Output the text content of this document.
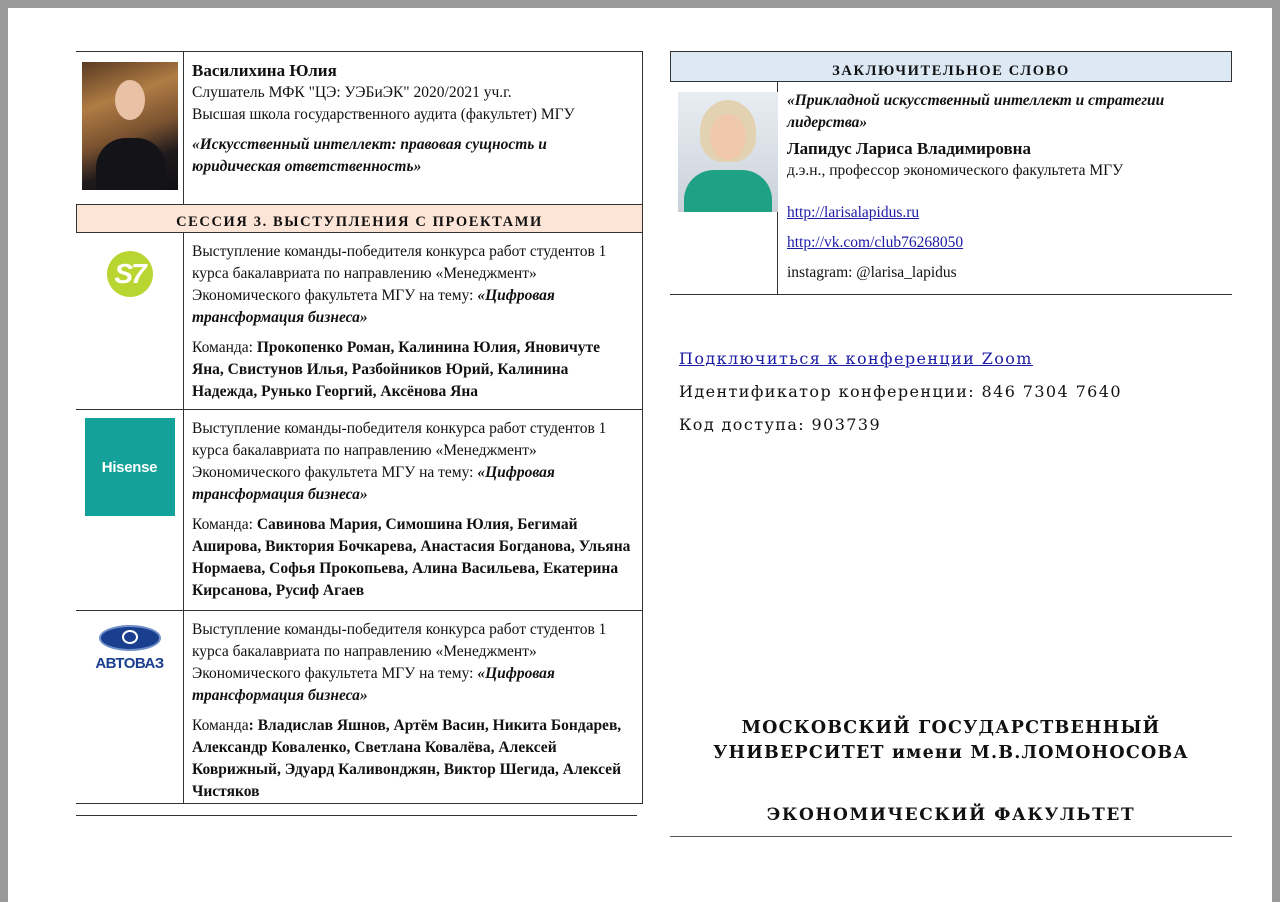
Василихина Юлия
Слушатель МФК "ЦЭ: УЭБиЭК" 2020/2021 уч.г.
Высшая школа государственного аудита (факультет) МГУ
«Искусственный интеллект: правовая сущность и юридическая ответственность»
СЕССИЯ 3. ВЫСТУПЛЕНИЯ С ПРОЕКТАМИ
S7

Выступление команды-победителя конкурса работ студентов 1 курса бакалавриата по направлению «Менеджмент» Экономического факультета МГУ на тему: «Цифровая трансформация бизнеса»

Команда: Прокопенко Роман, Калинина Юлия, Яновичуте Яна, Свистунов Илья, Разбойников Юрий, Калинина Надежда, Рунько Георгий, Аксёнова Яна

Hisense

Выступление команды-победителя конкурса работ студентов 1 курса бакалавриата по направлению «Менеджмент» Экономического факультета МГУ на тему: «Цифровая трансформация бизнеса»

Команда: Савинова Мария, Симошина Юлия, Бегимай Аширова, Виктория Бочкарева, Анастасия Богданова, Ульяна Нормаева, Софья Прокопьева, Алина Васильева, Екатерина Кирсанова, Русиф Агаев

АВТОВАЗ

Выступление команды-победителя конкурса работ студентов 1 курса бакалавриата по направлению «Менеджмент» Экономического факультета МГУ на тему: «Цифровая трансформация бизнеса»

Команда: Владислав Яшнов, Артём Васин, Никита Бондарев, Александр Коваленко, Светлана Ковалёва, Алексей Коврижный, Эдуард Каливонджян, Виктор Шегида, Алексей Чистяков

ЗАКЛЮЧИТЕЛЬНОЕ СЛОВО

«Прикладной искусственный интеллект и стратегии лидерства»

Лапидус Лариса Владимировна

д.э.н., профессор экономического факультета МГУ

http://larisalapidus.ru

http://vk.com/club76268050

instagram: @larisa_lapidus

Подключиться к конференции Zoom
Идентификатор конференции: 846 7304 7640
Код доступа: 903739
МОСКОВСКИЙ ГОСУДАРСТВЕННЫЙ
УНИВЕРСИТЕТ имени М.В.ЛОМОНОСОВА
ЭКОНОМИЧЕСКИЙ ФАКУЛЬТЕТ
